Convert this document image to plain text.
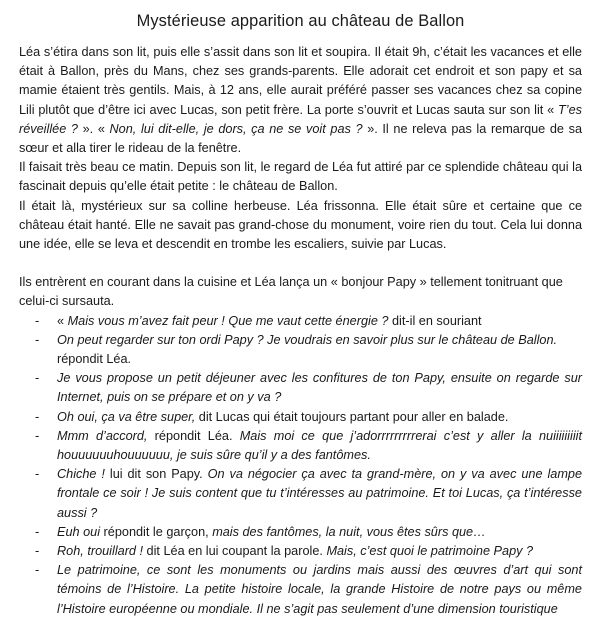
Mystérieuse apparition au château de Ballon

Léa s’étira dans son lit, puis elle s’assit dans son lit et soupira. Il était 9h, c’était les vacances et elle était à Ballon, près du Mans, chez ses grands-parents. Elle adorait cet endroit et son papy et sa mamie étaient très gentils. Mais, à 12 ans, elle aurait préféré passer ses vacances chez sa copine Lili plutôt que d’être ici avec Lucas, son petit frère. La porte s’ouvrit et Lucas sauta sur son lit « T’es réveillée ? ». « Non, lui dit-elle, je dors, ça ne se voit pas ? ». Il ne releva pas la remarque de sa sœur et alla tirer le rideau de la fenêtre.

Il faisait très beau ce matin. Depuis son lit, le regard de Léa fut attiré par ce splendide château qui la fascinait depuis qu’elle était petite : le château de Ballon.

Il était là, mystérieux sur sa colline herbeuse. Léa frissonna. Elle était sûre et certaine que ce château était hanté. Elle ne savait pas grand-chose du monument, voire rien du tout. Cela lui donna une idée, elle se leva et descendit en trombe les escaliers, suivie par Lucas.

Ils entrèrent en courant dans la cuisine et Léa lança un « bonjour Papy » tellement tonitruant que celui-ci sursauta.

- « Mais vous m’avez fait peur ! Que me vaut cette énergie ? dit-il en souriant
- On peut regarder sur ton ordi Papy ? Je voudrais en savoir plus sur le château de Ballon. répondit Léa.
- Je vous propose un petit déjeuner avec les confitures de ton Papy, ensuite on regarde sur Internet, puis on se prépare et on y va ?
- Oh oui, ça va être super, dit Lucas qui était toujours partant pour aller en balade.
- Mmm d’accord, répondit Léa. Mais moi ce que j’adorrrrrrrrrerai c’est y aller la nuiiiiiiiiit houuuuuuhouuuuuu, je suis sûre qu’il y a des fantômes.
- Chiche ! lui dit son Papy. On va négocier ça avec ta grand-mère, on y va avec une lampe frontale ce soir ! Je suis content que tu t’intéresses au patrimoine. Et toi Lucas, ça t’intéresse aussi ?
- Euh oui répondit le garçon, mais des fantômes, la nuit, vous êtes sûrs que…
- Roh, trouillard ! dit Léa en lui coupant la parole. Mais, c’est quoi le patrimoine Papy ?
- Le patrimoine, ce sont les monuments ou jardins mais aussi des œuvres d’art qui sont témoins de l’Histoire. La petite histoire locale, la grande Histoire de notre pays ou même l’Histoire européenne ou mondiale. Il ne s’agit pas seulement d’une dimension touristique
